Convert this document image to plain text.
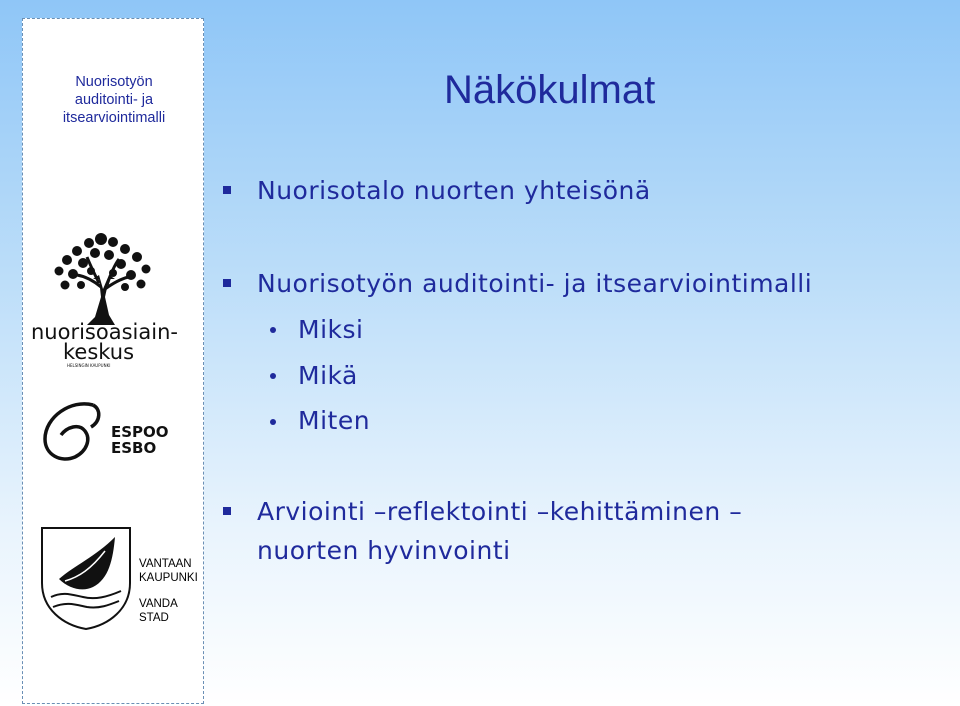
Nuorisotyön
auditointi- ja
itsearviointimalli
nuorisoasiain-
keskus
HELSINGIN KAUPUNKI
ESPOO
ESBO
VANTAAN
KAUPUNKI
VANDA
STAD
Näkökulmat
Nuorisotalo nuorten yhteisönä
Nuorisotyön auditointi- ja itsearviointimalli
Miksi
Mikä
Miten
Arviointi –reflektointi –kehittäminen –
nuorten hyvinvointi
